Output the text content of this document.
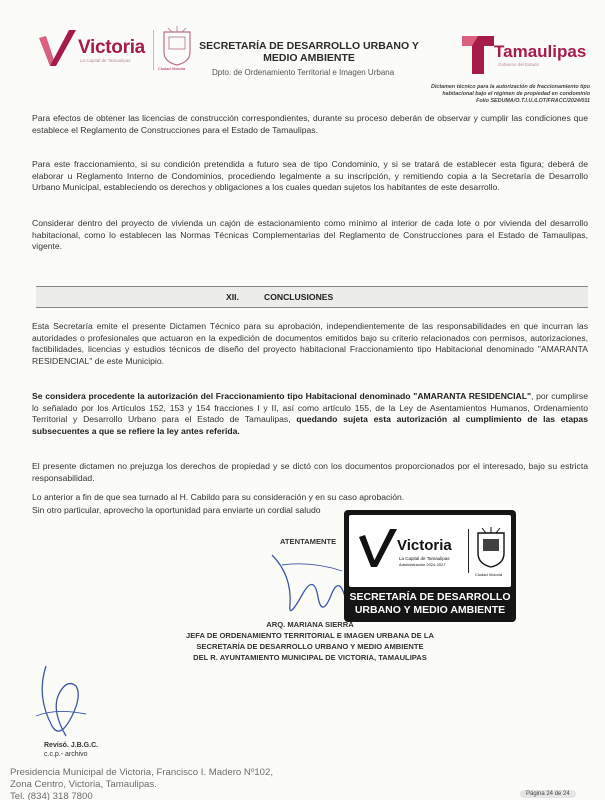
Victoria
La Capital de Tamaulipas
Ciudad Victoria
SECRETARÍA DE DESARROLLO URBANO Y MEDIO AMBIENTE
Dpto. de Ordenamiento Territorial e Imagen Urbana
Tamaulipas
Gobierno del Estado
Dictamen técnico para la autorización de fraccionamiento tipo
habitacional bajo el régimen de propiedad en condominio
Folio SEDUMA/O.T.I.U./LOT/FRACC/2024/011

Para efectos de obtener las licencias de construcción correspondientes, durante su proceso deberán de observar y cumplir las condiciones que establece el Reglamento de Construcciones para el Estado de Tamaulipas.

Para este fraccionamiento, si su condición pretendida a futuro sea de tipo Condominio, y si se tratará de establecer esta figura; deberá de elaborar u Reglamento Interno de Condominios, procediendo legalmente a su inscripción, y remitiendo copia a la Secretaría de Desarrollo Urbano Municipal, estableciendo os derechos y obligaciones a los cuales quedan sujetos los habitantes de este desarrollo.

Considerar dentro del proyecto de vivienda un cajón de estacionamiento como mínimo al interior de cada lote o por vivienda del desarrollo habitacional, como lo establecen las Normas Técnicas Complementarias del Reglamento de Construcciones para el Estado de Tamaulipas, vigente.

XII.	CONCLUSIONES

Esta Secretaría emite el presente Dictamen Técnico para su aprobación, independientemente de las responsabilidades en que incurran las autoridades o profesionales que actuaron en la expedición de documentos emitidos bajo su criterio relacionados con permisos, autorizaciones, factibilidades, licencias y estudios técnicos de diseño del proyecto habitacional Fraccionamiento tipo Habitacional denominado "AMARANTA RESIDENCIAL" de este Municipio.

Se considera procedente la autorización del Fraccionamiento tipo Habitacional denominado "AMARANTA RESIDENCIAL", por cumplirse lo señalado por los Artículos 152, 153 y 154 fracciones I y II, así como artículo 155, de la Ley de Asentamientos Humanos, Ordenamiento Territorial y Desarrollo Urbano para el Estado de Tamaulipas, quedando sujeta esta autorización al cumplimiento de las etapas subsecuentes a que se refiere la ley antes referida.

El presente dictamen no prejuzga los derechos de propiedad y se dictó con los documentos proporcionados por el interesado, bajo su estricta responsabilidad.

Lo anterior a fin de que sea turnado al H. Cabildo para su consideración y en su caso aprobación.

Sin otro particular, aprovecho la oportunidad para enviarte un cordial saludo

ATENTAMENTE	Victoria
La Capital de Tamaulipas
Administración 2024-2027
Ciudad Victoria
SECRETARÍA DE DESARROLLO
URBANO Y MEDIO AMBIENTE
ARQ. MARIANA SIERRA
JEFA DE ORDENAMIENTO TERRITORIAL E IMAGEN URBANA DE LA
SECRETARÍA DE DESARROLLO URBANO Y MEDIO AMBIENTE
DEL R. AYUNTAMIENTO MUNICIPAL DE VICTORIA, TAMAULIPAS
Revisó. J.B.G.C.
c.c.p.- archivo
Presidencia Municipal de Victoria, Francisco I. Madero Nº102,
Zona Centro, Victoria, Tamaulipas.
Tel. (834) 318 7800	Página 24 de 24
